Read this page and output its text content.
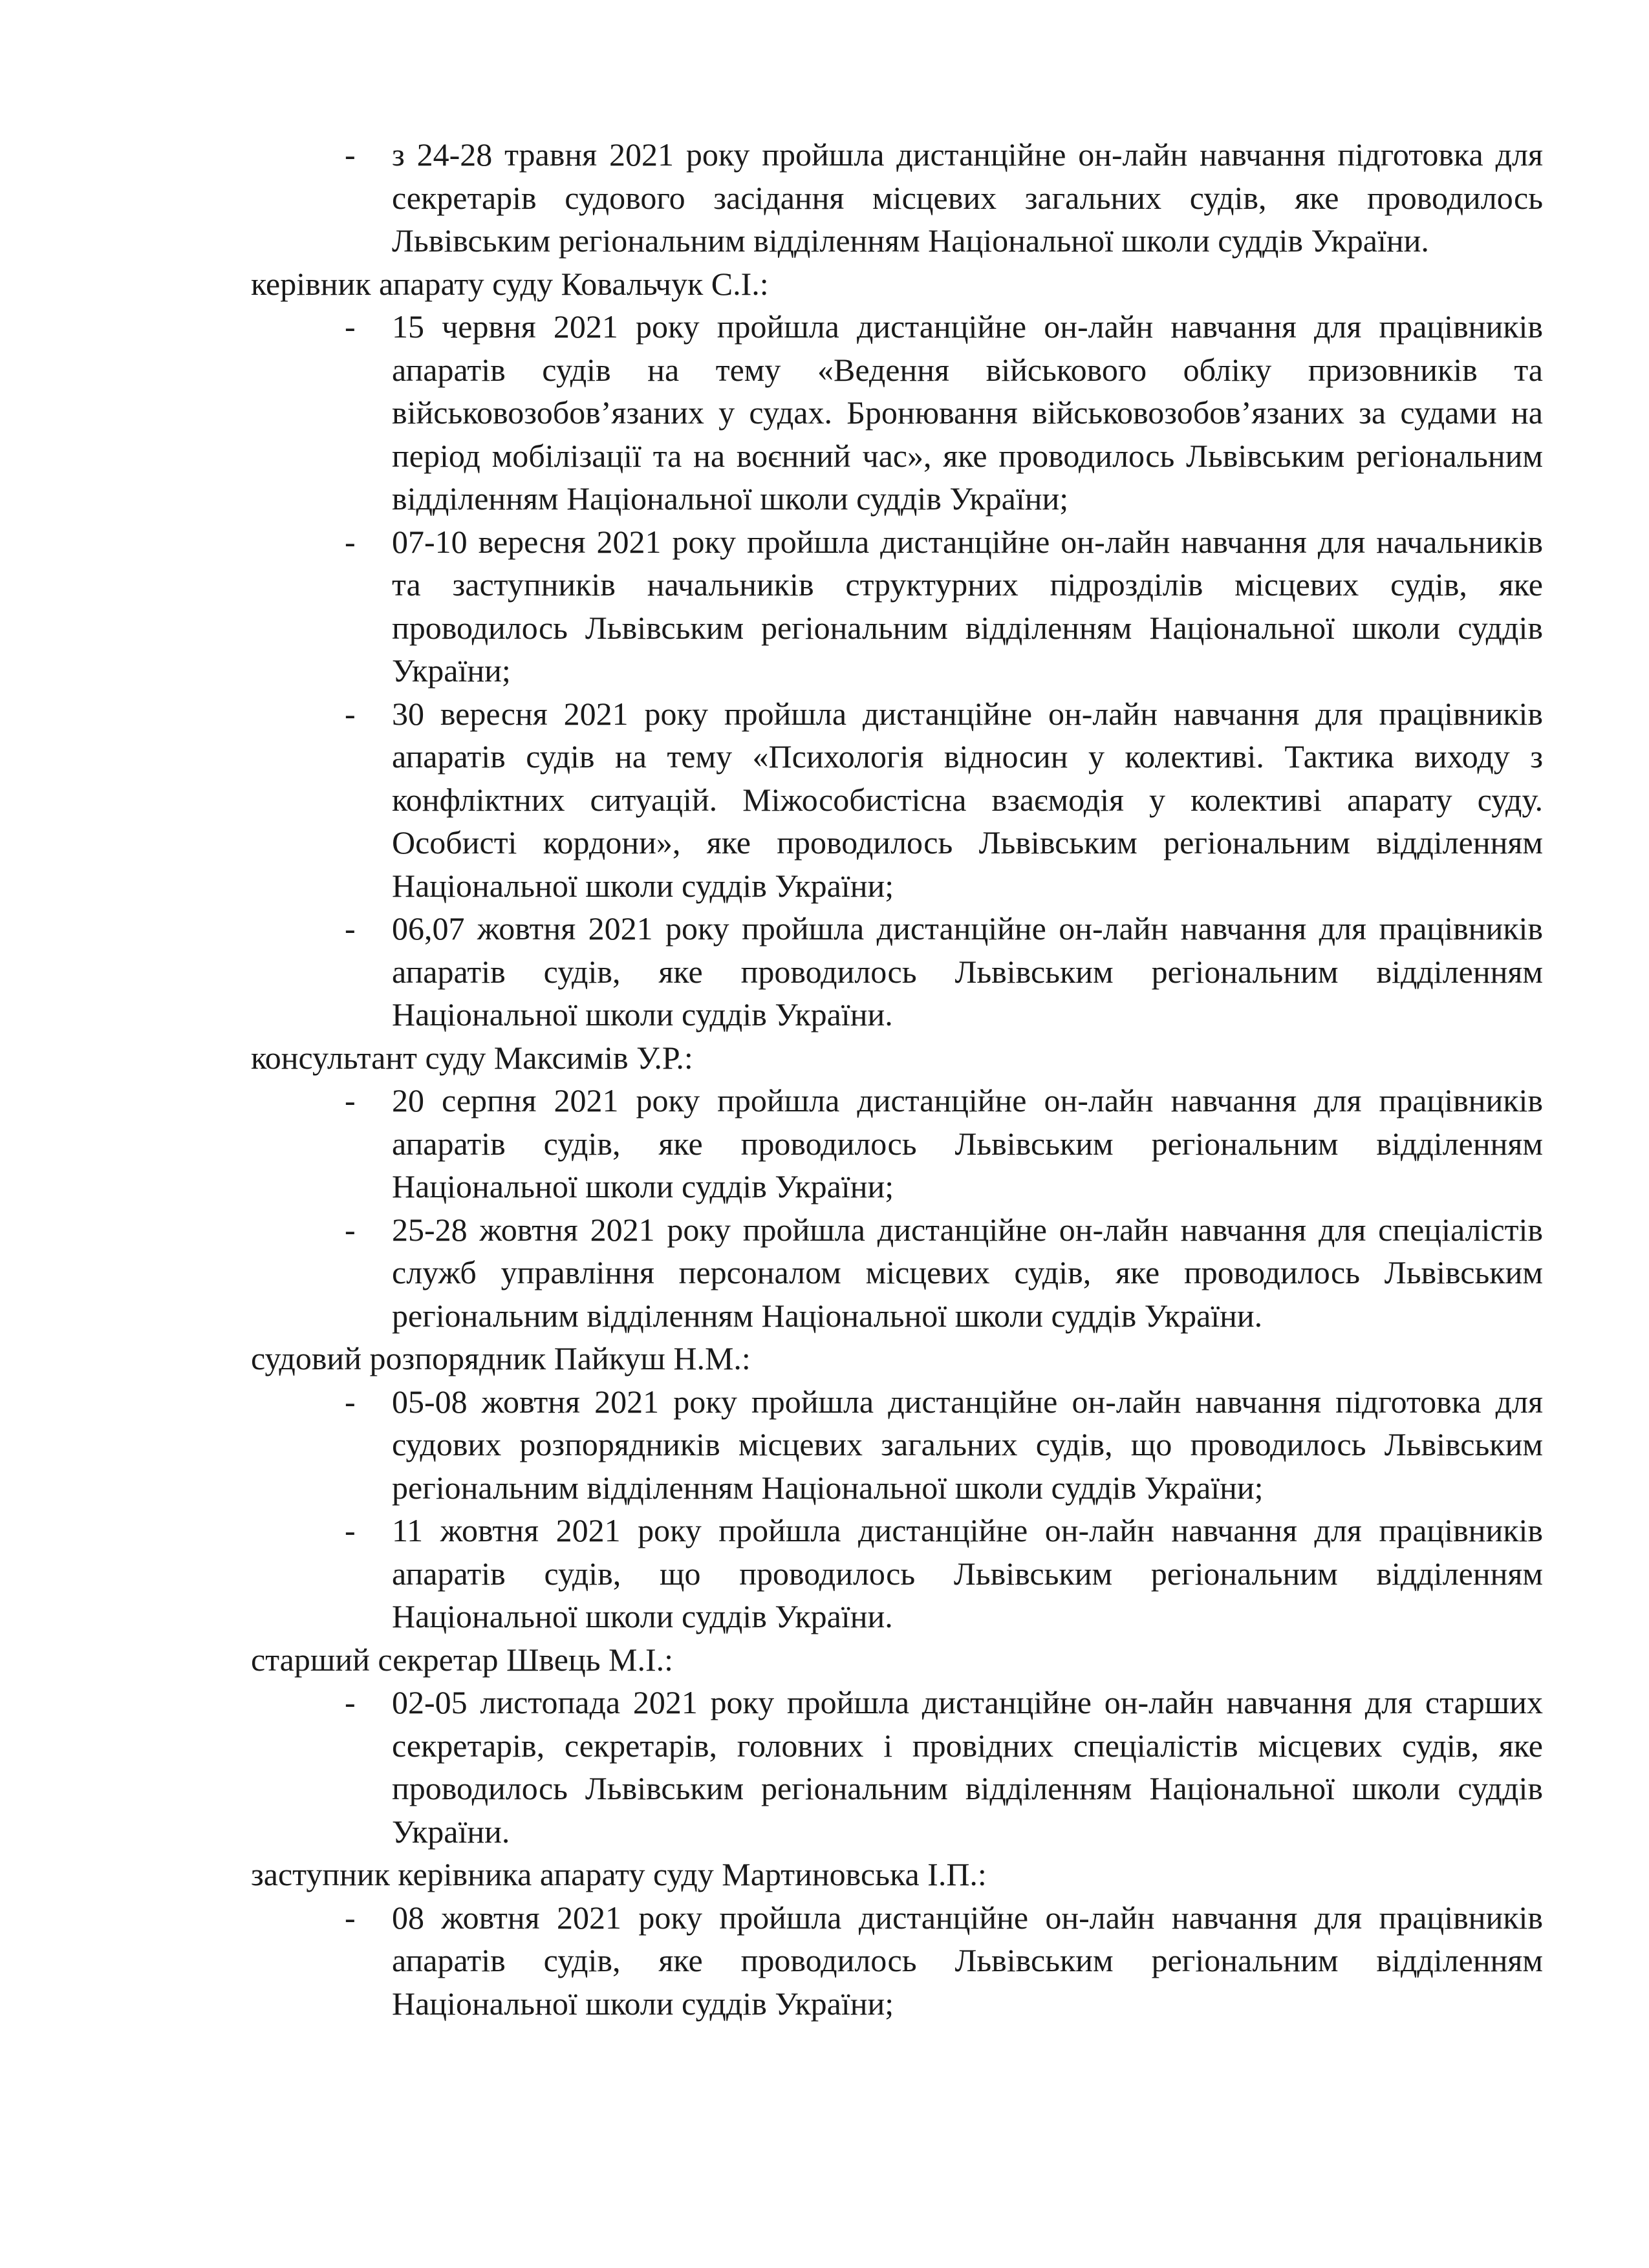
- з 24-28 травня 2021 року пройшла дистанційне он-лайн навчання підготовка для секретарів судового засідання місцевих загальних судів, яке проводилось Львівським регіональним відділенням Національної школи суддів України.

керівник апарату суду Ковальчук С.І.:

- 15 червня 2021 року пройшла дистанційне он-лайн навчання для працівників апаратів судів на тему «Ведення військового обліку призовників та військовозобов’язаних у судах. Бронювання військовозобов’язаних за судами на період мобілізації та на воєнний час», яке проводилось Львівським регіональним відділенням Національної школи суддів України;
- 07-10 вересня 2021 року пройшла дистанційне он-лайн навчання для начальників та заступників начальників структурних підрозділів місцевих судів, яке проводилось Львівським регіональним відділенням Національної школи суддів України;
- 30 вересня 2021 року пройшла дистанційне он-лайн навчання для працівників апаратів судів на тему «Психологія відносин у колективі. Тактика виходу з конфліктних ситуацій. Міжособистісна взаємодія у колективі апарату суду. Особисті кордони», яке проводилось Львівським регіональним відділенням Національної школи суддів України;
- 06,07 жовтня 2021 року пройшла дистанційне он-лайн навчання для працівників апаратів судів, яке проводилось Львівським регіональним відділенням Національної школи суддів України.

консультант суду Максимів У.Р.:

- 20 серпня 2021 року пройшла дистанційне он-лайн навчання для працівників апаратів судів, яке проводилось Львівським регіональним відділенням Національної школи суддів України;
- 25-28 жовтня 2021 року пройшла дистанційне он-лайн навчання для спеціалістів служб управління персоналом місцевих судів, яке проводилось Львівським регіональним відділенням Національної школи суддів України.

судовий розпорядник Пайкуш Н.М.:

- 05-08 жовтня 2021 року пройшла дистанційне он-лайн навчання підготовка для судових розпорядників місцевих загальних судів, що проводилось Львівським регіональним відділенням Національної школи суддів України;
- 11 жовтня 2021 року пройшла дистанційне он-лайн навчання для працівників апаратів судів, що проводилось Львівським регіональним відділенням Національної школи суддів України.

старший секретар Швець М.І.:

- 02-05 листопада 2021 року пройшла дистанційне он-лайн навчання для старших секретарів, секретарів, головних і провідних спеціалістів місцевих судів, яке проводилось Львівським регіональним відділенням Національної школи суддів України.

заступник керівника апарату суду Мартиновська І.П.:

- 08 жовтня 2021 року пройшла дистанційне он-лайн навчання для працівників апаратів судів, яке проводилось Львівським регіональним відділенням Національної школи суддів України;
